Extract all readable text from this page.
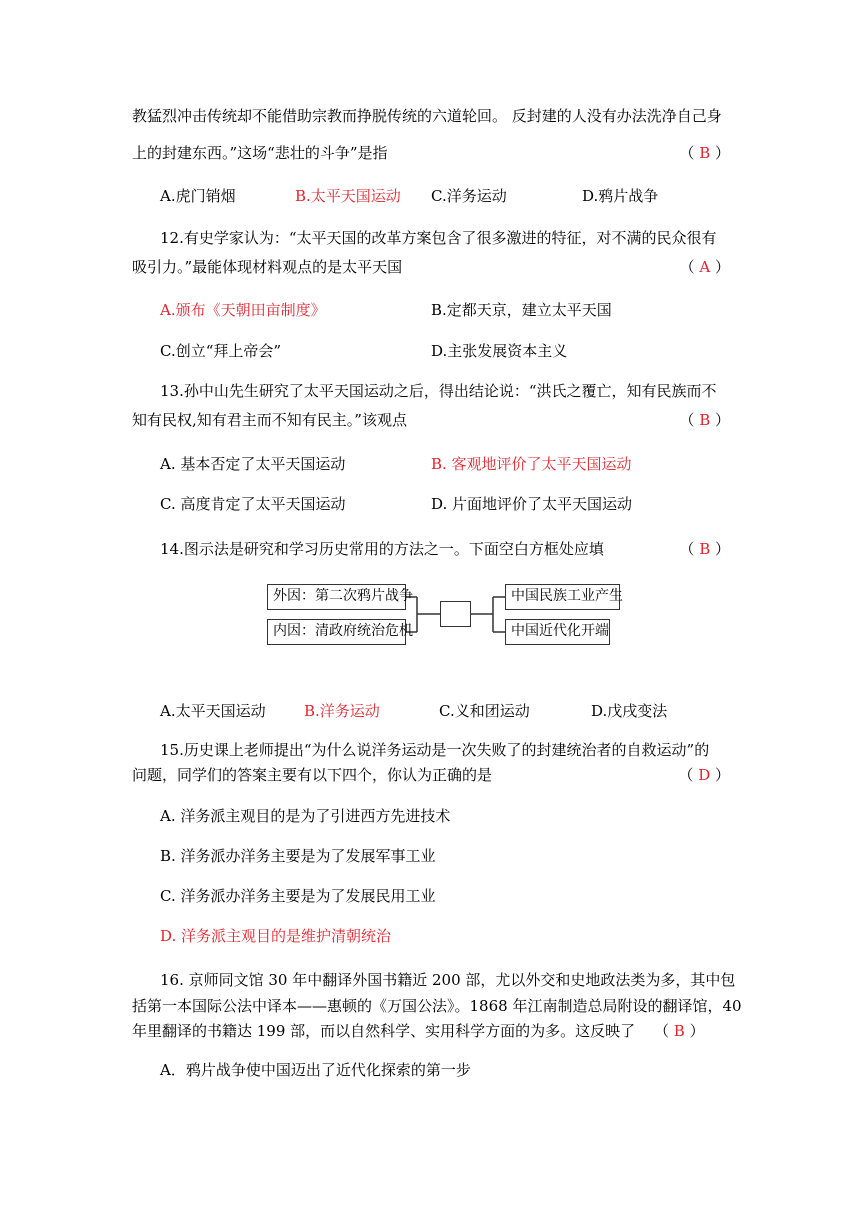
教猛烈冲击传统却不能借助宗教而挣脱传统的六道轮回。 反封建的人没有办法洗净自己身
上的封建东西。”这场“悲壮的斗争”是指	（ B ）
A.虎门销烟	B.太平天国运动 C.洋务运动	D.鸦片战争
12.有史学家认为：“太平天国的改革方案包含了很多激进的特征，对不满的民众很有
吸引力。”最能体现材料观点的是太平天国	（ A ）
A.颁布《天朝田亩制度》	B.定都天京，建立太平天国
C.创立“拜上帝会”	D.主张发展资本主义
13.孙中山先生研究了太平天国运动之后，得出结论说：“洪氏之覆亡，知有民族而不
知有民权,知有君主而不知有民主。”该观点	（ B ）
A. 基本否定了太平天国运动	B. 客观地评价了太平天国运动
C. 高度肯定了太平天国运动	D. 片面地评价了太平天国运动
14.图示法是研究和学习历史常用的方法之一。下面空白方框处应填	（ B ）
外因：第二次鸦片战争
内因：清政府统治危机
中国民族工业产生
中国近代化开端
A.太平天国运动	B.洋务运动	C.义和团运动	D.戊戌变法
15.历史课上老师提出“为什么说洋务运动是一次失败了的封建统治者的自救运动”的
问题，同学们的答案主要有以下四个，你认为正确的是	（ D ）
A. 洋务派主观目的是为了引进西方先进技术
B. 洋务派办洋务主要是为了发展军事工业
C. 洋务派办洋务主要是为了发展民用工业
D. 洋务派主观目的是维护清朝统治
16. 京师同文馆 30 年中翻译外国书籍近 200 部，尤以外交和史地政法类为多，其中包
括第一本国际公法中译本——惠顿的《万国公法》。1868 年江南制造总局附设的翻译馆，40
年里翻译的书籍达 199 部，而以自然科学、实用科学方面的为多。这反映了 （ B ）
A．鸦片战争使中国迈出了近代化探索的第一步
